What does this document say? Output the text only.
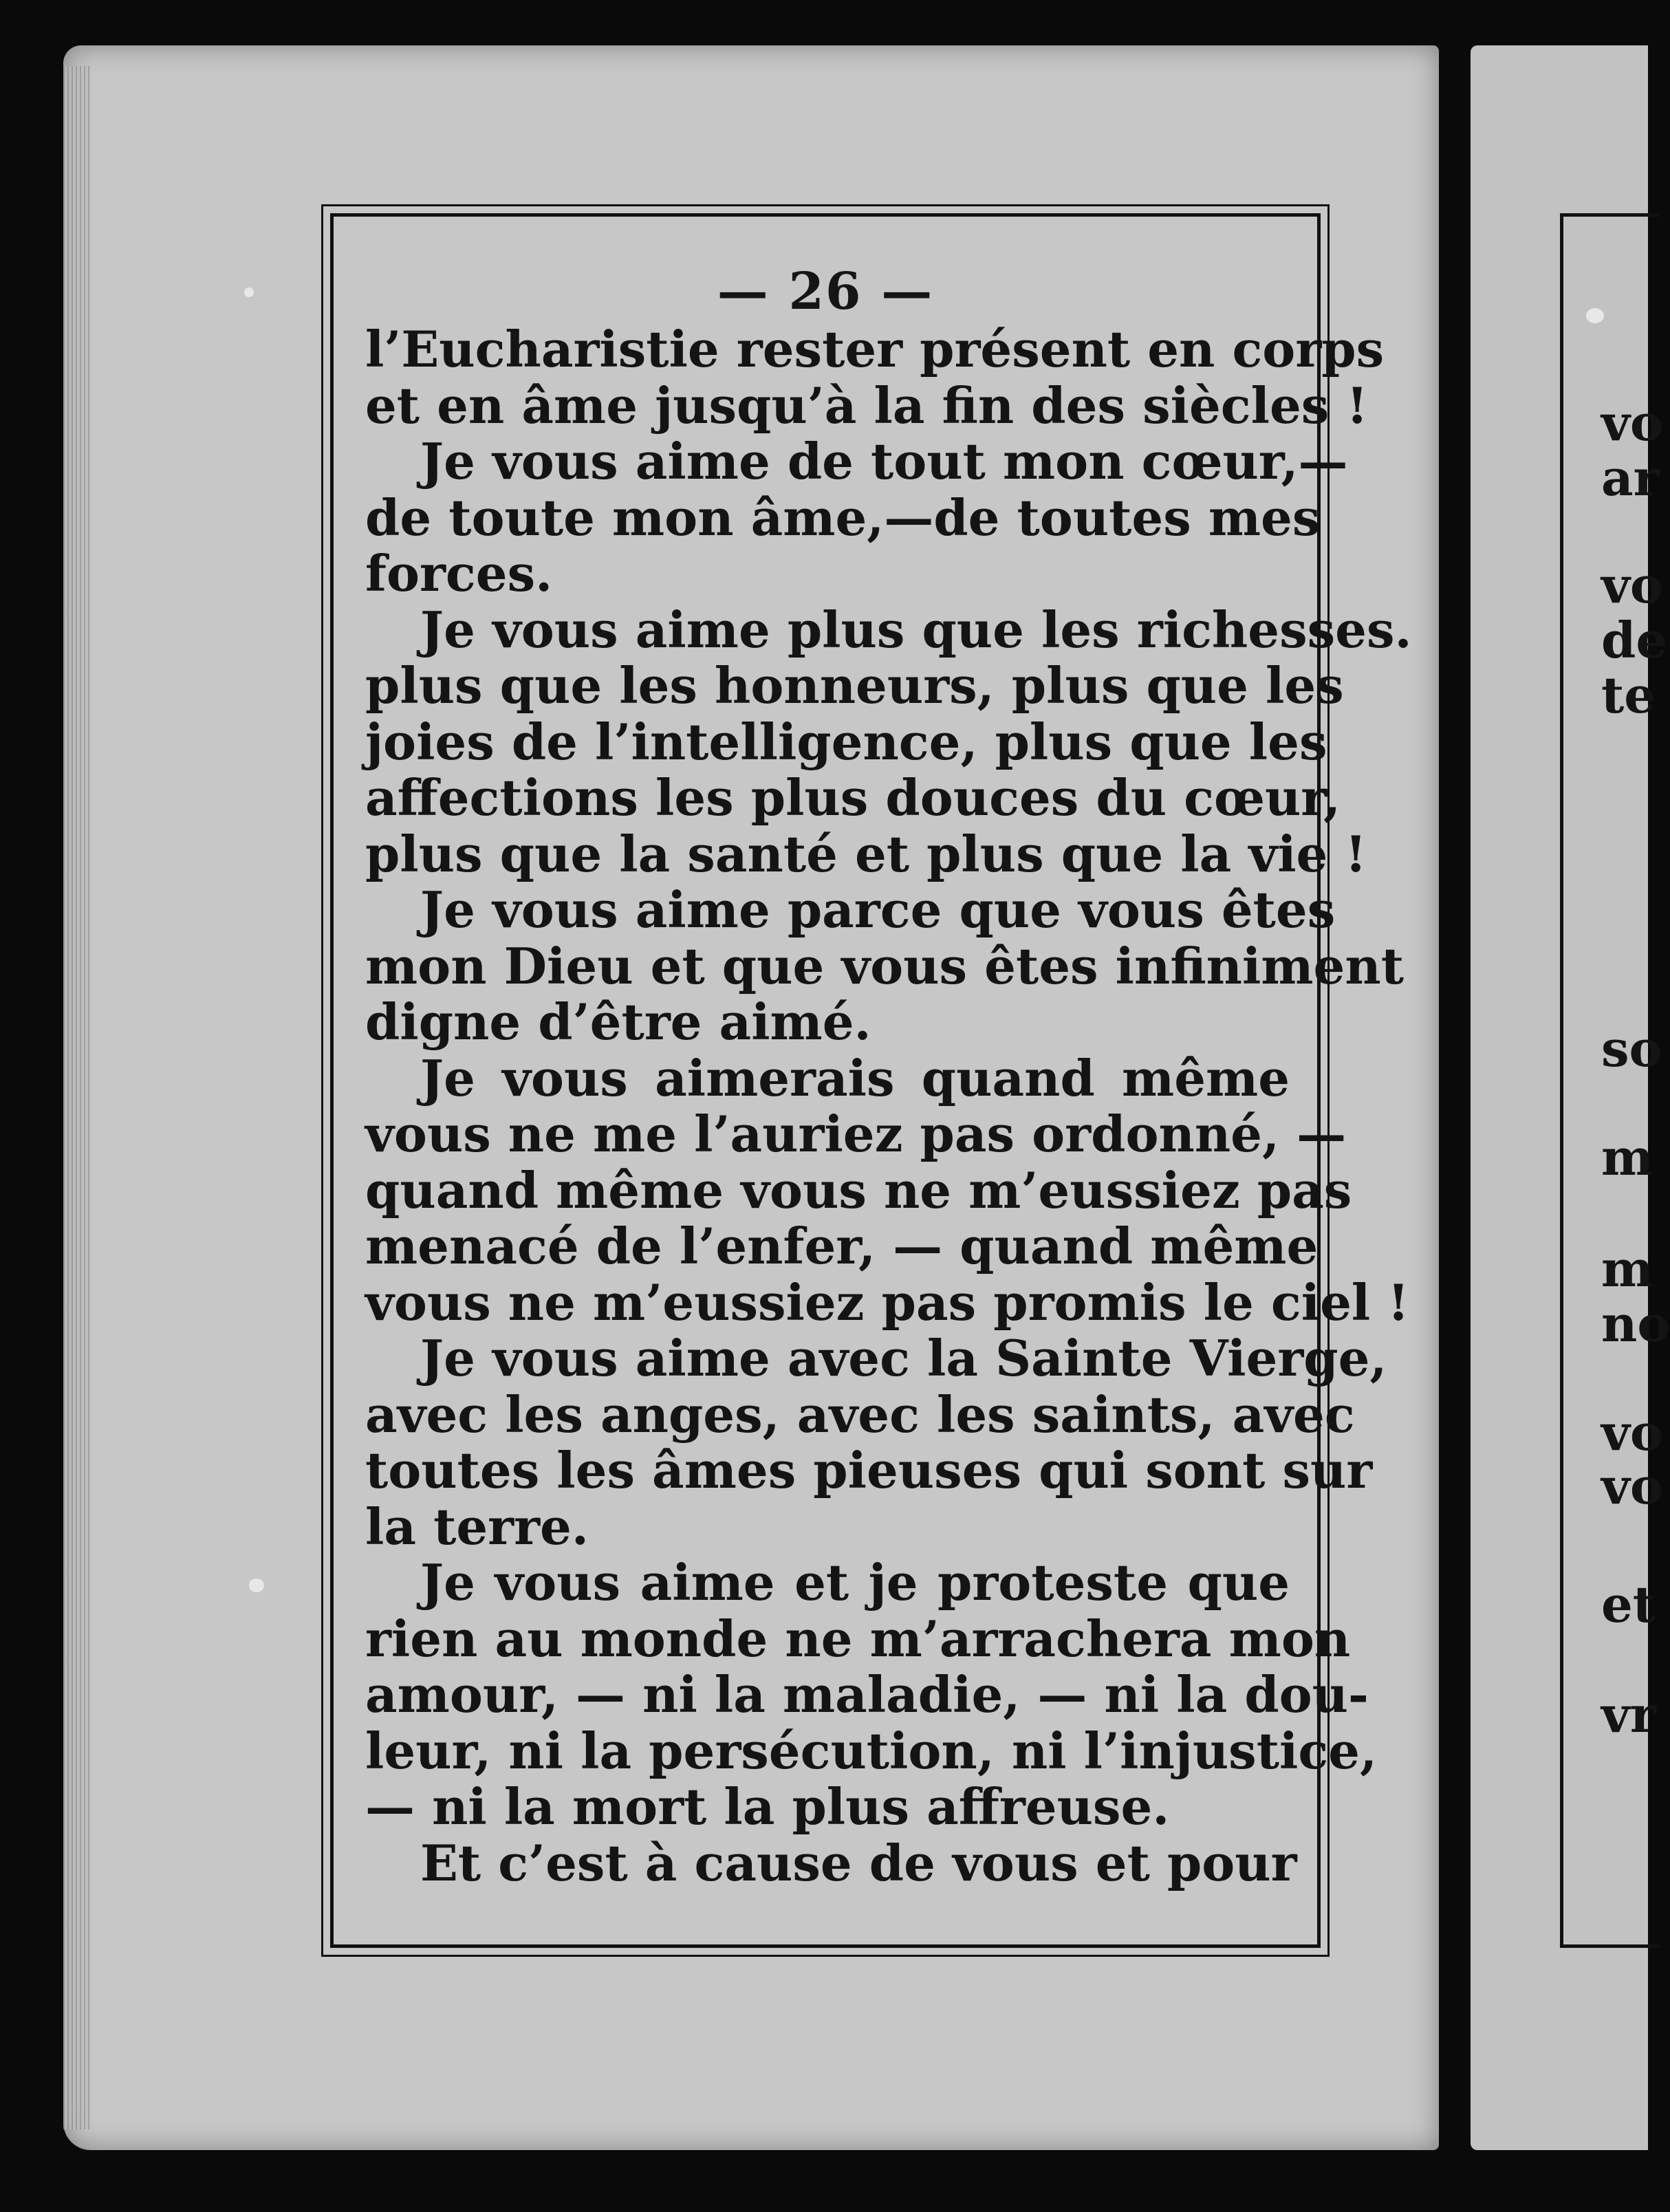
— 26 —
l’Eucharistie rester présent en corps
et en âme jusqu’à la fin des siècles !
Je vous aime de tout mon cœur,—
de toute mon âme,—de toutes mes
forces.
Je vous aime plus que les richesses.
plus que les honneurs, plus que les
joies de l’intelligence, plus que les
affections les plus douces du cœur,
plus que la santé et plus que la vie !
Je vous aime parce que vous êtes
mon Dieu et que vous êtes infiniment
digne d’être aimé.
Je vous aimerais quand même
vous ne me l’auriez pas ordonné, —
quand même vous ne m’eussiez pas
menacé de l’enfer, — quand même
vous ne m’eussiez pas promis le ciel !
Je vous aime avec la Sainte Vierge,
avec les anges, avec les saints, avec
toutes les âmes pieuses qui sont sur
la terre.
Je vous aime et je proteste que
rien au monde ne m’arrachera mon
amour, — ni la maladie, — ni la dou-
leur, ni la persécution, ni l’injustice,
— ni la mort la plus affreuse.
Et c’est à cause de vous et pour
vo
ar
vo
de
te
so
m
m
no
vo
vo
et
vr
